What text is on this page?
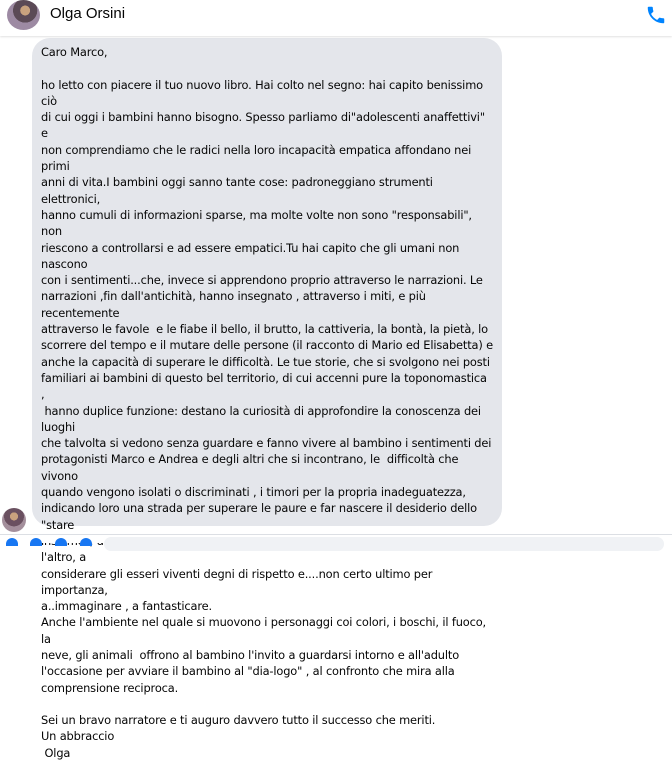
Olga Orsini

Caro Marco,

ho letto con piacere il tuo nuovo libro. Hai colto nel segno: hai capito benissimo ciò
di cui oggi i bambini hanno bisogno. Spesso parliamo di"adolescenti anaffettivi" e
non comprendiamo che le radici nella loro incapacità empatica affondano nei primi
anni di vita.I bambini oggi sanno tante cose: padroneggiano strumenti elettronici,
hanno cumuli di informazioni sparse, ma molte volte non sono "responsabili", non
riescono a controllarsi e ad essere empatici.Tu hai capito che gli umani non nascono
con i sentimenti...che, invece si apprendono proprio attraverso le narrazioni. Le
narrazioni ,fin dall'antichità, hanno insegnato , attraverso i miti, e più recentemente
attraverso le favole  e le fiabe il bello, il brutto, la cattiveria, la bontà, la pietà, lo
scorrere del tempo e il mutare delle persone (il racconto di Mario ed Elisabetta) e
anche la capacità di superare le difficoltà. Le tue storie, che si svolgono nei posti
familiari ai bambini di questo bel territorio, di cui accenni pure la toponomastica ,
hanno duplice funzione: destano la curiosità di approfondire la conoscenza dei luoghi
che talvolta si vedono senza guardare e fanno vivere al bambino i sentimenti dei
protagonisti Marco e Andrea e degli altri che si incontrano, le  difficoltà che vivono
quando vengono isolati o discriminati , i timori per la propria inadeguatezza,
indicando loro una strada per superare le paure e far nascere il desiderio dello "stare
l'altro, a
considerare gli esseri viventi degni di rispetto e....non certo ultimo per importanza,
a..immaginare , a fantasticare.
Anche l'ambiente nel quale si muovono i personaggi coi colori, i boschi, il fuoco, la
neve, gli animali  offrono al bambino l'invito a guardarsi intorno e all'adulto
l'occasione per avviare il bambino al "dia-logo" , al confronto che mira alla
comprensione reciproca.

Sei un bravo narratore e ti auguro davvero tutto il successo che meriti.
Un abbraccio
Olga
